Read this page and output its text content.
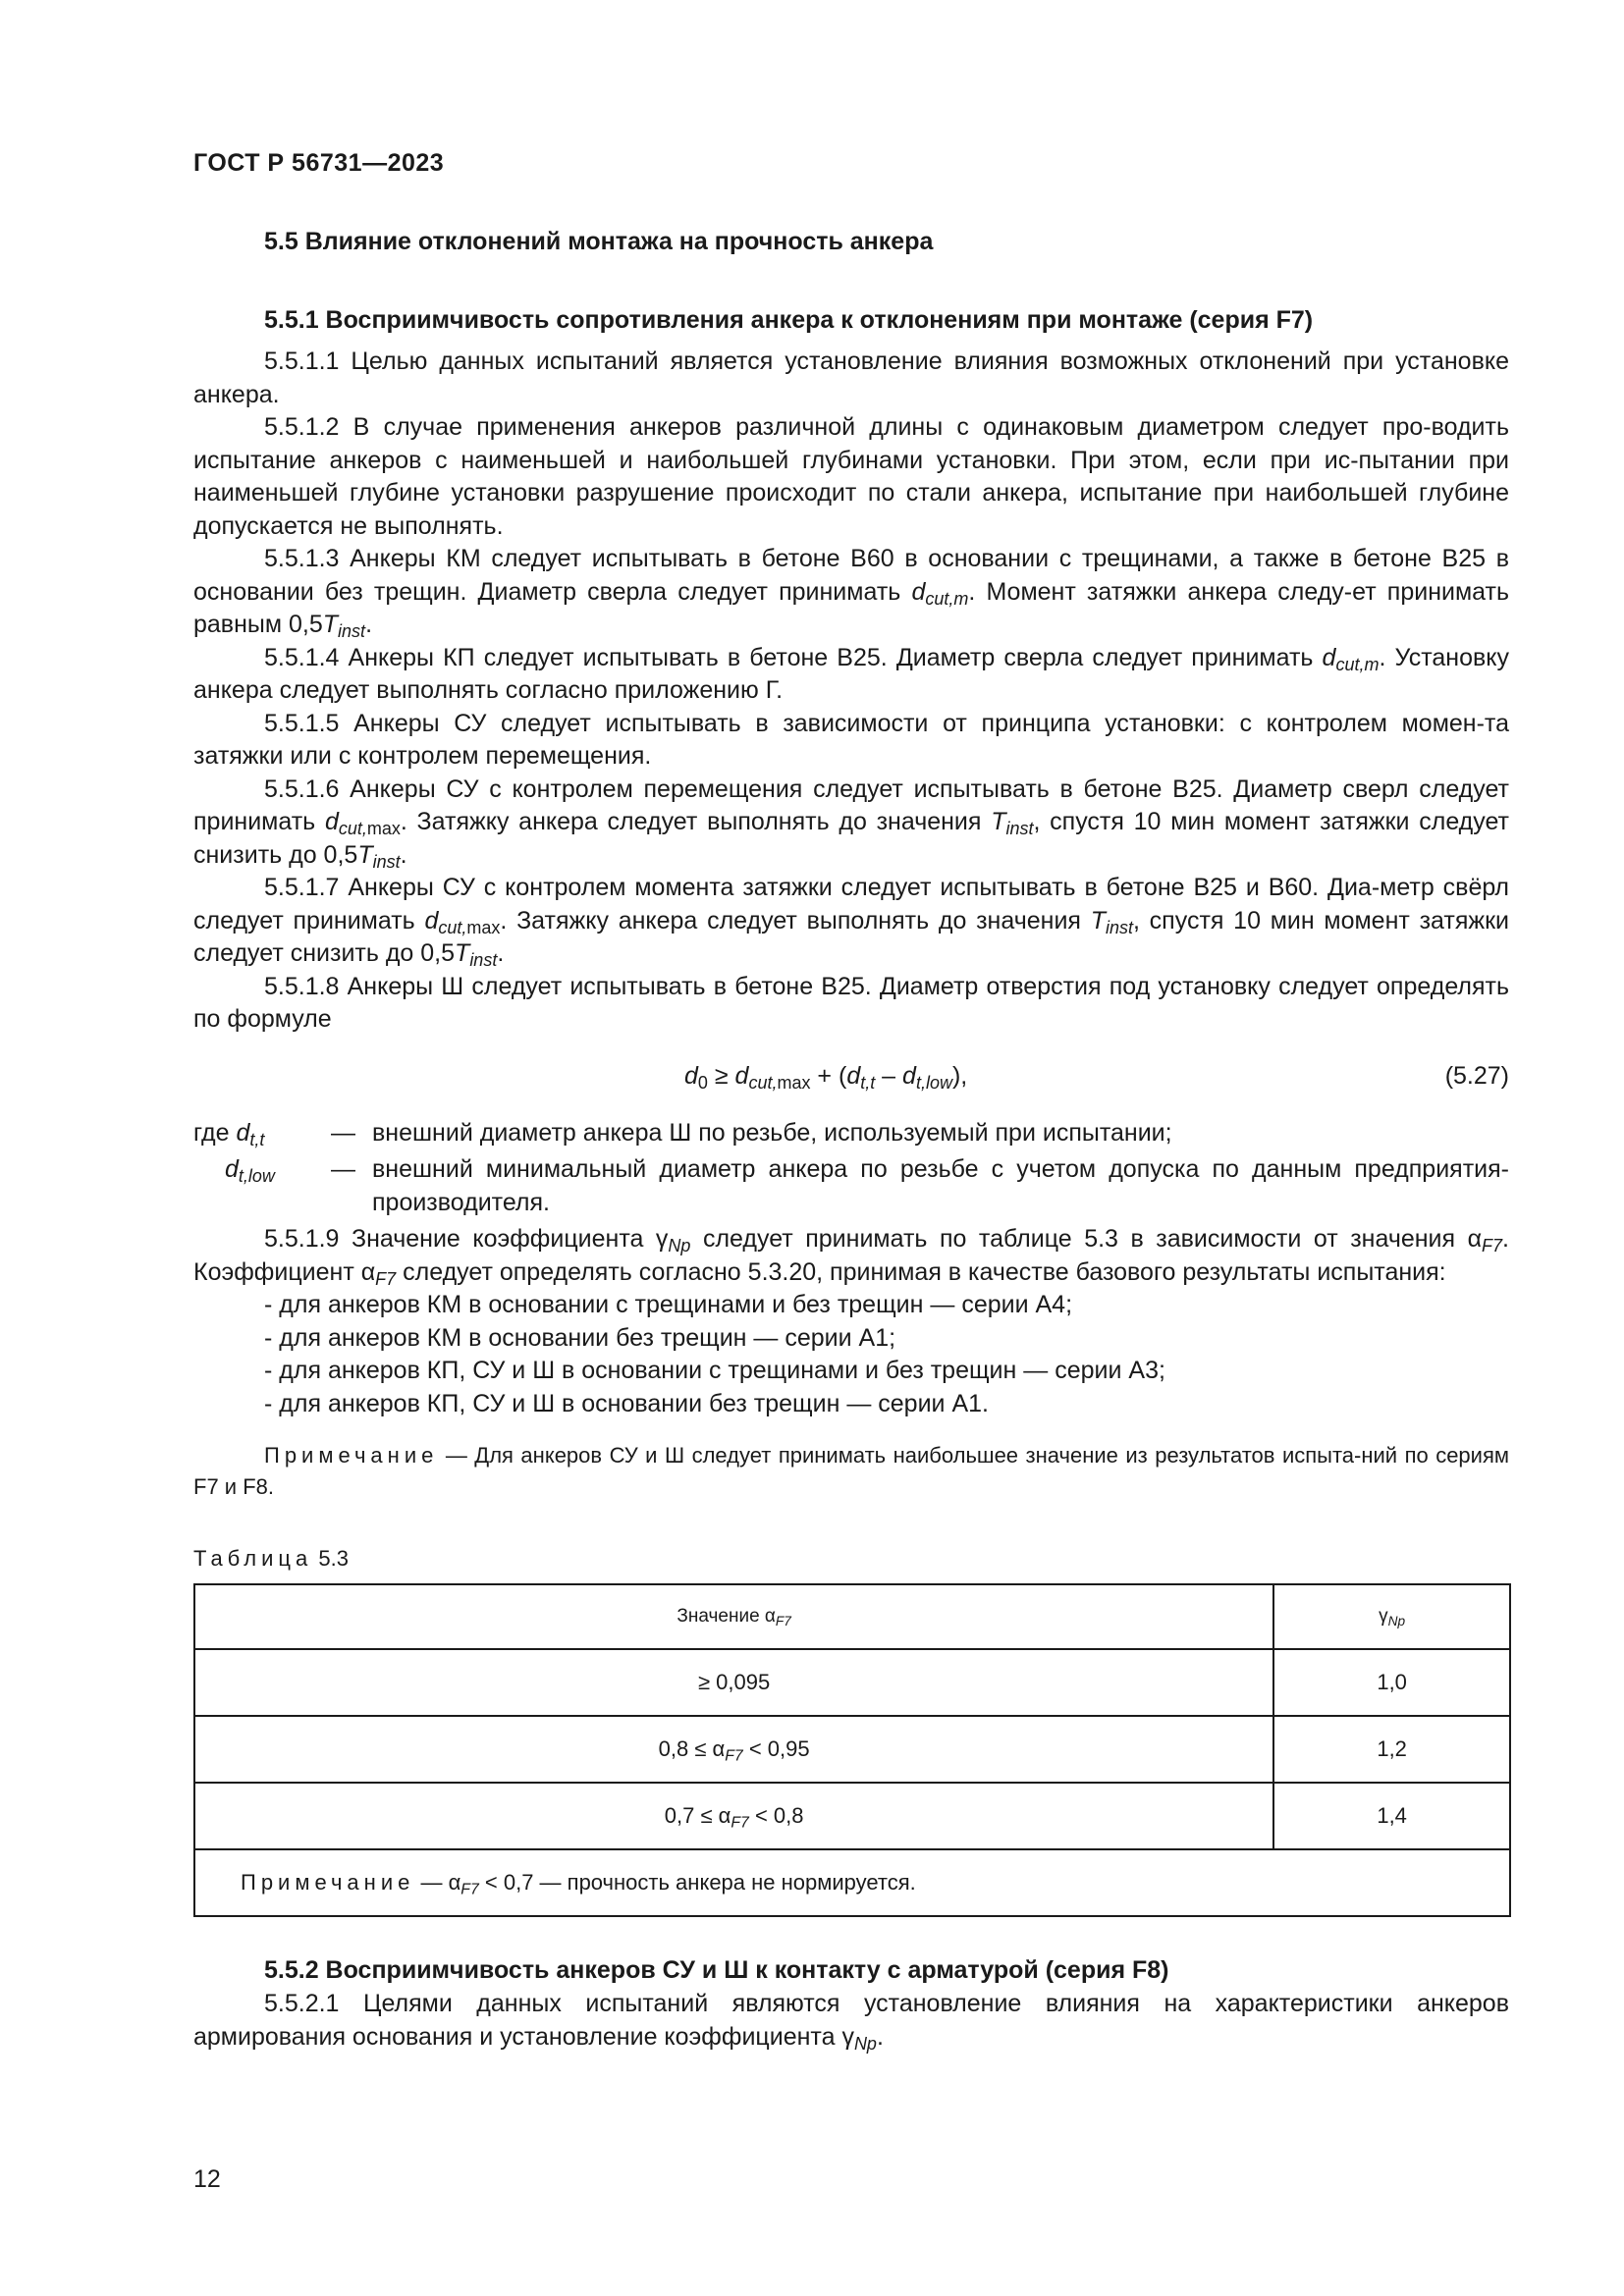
ГОСТ Р 56731—2023
5.5 Влияние отклонений монтажа на прочность анкера
5.5.1 Восприимчивость сопротивления анкера к отклонениям при монтаже (серия F7)

5.5.1.1 Целью данных испытаний является установление влияния возможных отклонений при установке анкера.

5.5.1.2 В случае применения анкеров различной длины с одинаковым диаметром следует про-водить испытание анкеров с наименьшей и наибольшей глубинами установки. При этом, если при ис-пытании при наименьшей глубине установки разрушение происходит по стали анкера, испытание при наибольшей глубине допускается не выполнять.

5.5.1.3 Анкеры КМ следует испытывать в бетоне В60 в основании с трещинами, а также в бетоне В25 в основании без трещин. Диаметр сверла следует принимать $d_{cut,m}$. Момент затяжки анкера следу-ет принимать равным $0,5T_{inst}$.

5.5.1.4 Анкеры КП следует испытывать в бетоне В25. Диаметр сверла следует принимать $d_{cut,m}$. Установку анкера следует выполнять согласно приложению Г.

5.5.1.5 Анкеры СУ следует испытывать в зависимости от принципа установки: с контролем момен-та затяжки или с контролем перемещения.

5.5.1.6 Анкеры СУ с контролем перемещения следует испытывать в бетоне В25. Диаметр сверл следует принимать $d_{cut,max}$. Затяжку анкера следует выполнять до значения $T_{inst}$, спустя 10 мин момент затяжки следует снизить до $0,5T_{inst}$.

5.5.1.7 Анкеры СУ с контролем момента затяжки следует испытывать в бетоне В25 и В60. Диа-метр свёрл следует принимать $d_{cut,max}$. Затяжку анкера следует выполнять до значения $T_{inst}$, спустя 10 мин момент затяжки следует снизить до $0,5T_{inst}$.

5.5.1.8 Анкеры Ш следует испытывать в бетоне В25. Диаметр отверстия под установку следует определять по формуле

$d_0 \ge d_{cut,max} + (d_{t,t} - d_{t,low})$,	(5.27)
где $d_{t,t}$	— внешний диаметр анкера Ш по резьбе, используемый при испытании;
$d_{t,low}$	— внешний минимальный диаметр анкера по резьбе с учетом допуска по данным предприятия-производителя.

5.5.1.9 Значение коэффициента $\gamma_{Np}$ следует принимать по таблице 5.3 в зависимости от значения $\alpha_{F7}$. Коэффициент $\alpha_{F7}$ следует определять согласно 5.3.20, принимая в качестве базового результаты испытания:

- для анкеров КМ в основании с трещинами и без трещин — серии А4;
- для анкеров КМ в основании без трещин — серии А1;
- для анкеров КП, СУ и Ш в основании с трещинами и без трещин — серии А3;
- для анкеров КП, СУ и Ш в основании без трещин — серии А1.

Примечание — Для анкеров СУ и Ш следует принимать наибольшее значение из результатов испыта-ний по сериям F7 и F8.

Таблица 5.3
Значение $\alpha_{F7}$	$\gamma_{Np}$
≥ 0,095	1,0
$0,8 \le \alpha_{F7} < 0,95$	1,2
$0,7 \le \alpha_{F7} < 0,8$	1,4
Примечание — $\alpha_{F7} < 0,7$ — прочность анкера не нормируется.	
5.5.2 Восприимчивость анкеров СУ и Ш к контакту с арматурой (серия F8)

5.5.2.1 Целями данных испытаний являются установление влияния на характеристики анкеров армирования основания и установление коэффициента $\gamma_{Np}$.

12
